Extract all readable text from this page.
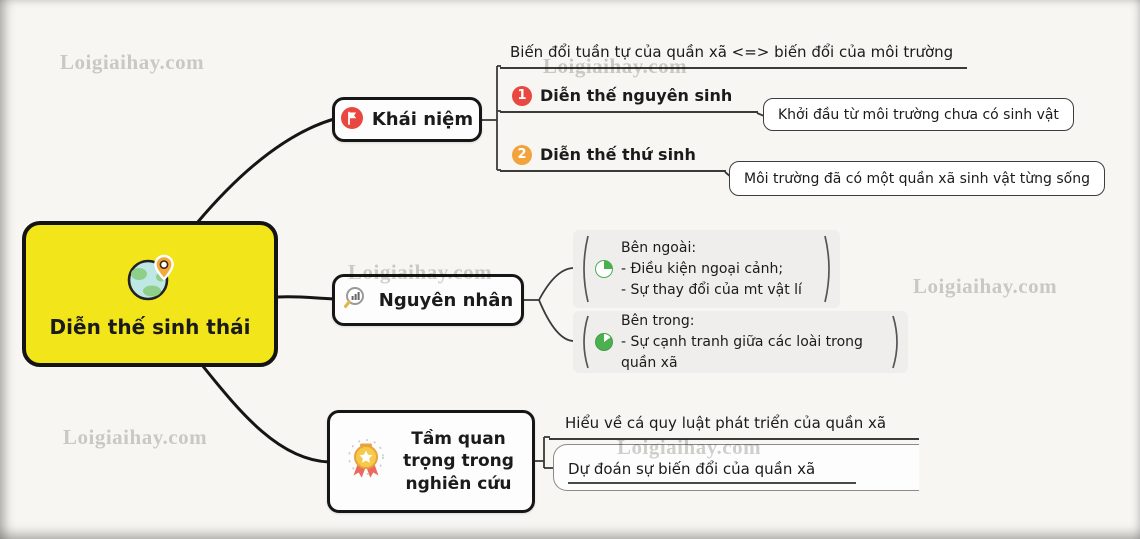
Loigiaihay.com	Loigiaihay.com
Loigiaihay.com
Loigiaihay.com
Loigiaihay.com	Loigiaihay.com
Diễn thế sinh thái
Khái niệm
Biến đổi tuần tự của quần xã <=> biến đổi của môi trường
1 Diễn thế nguyên sinh
Khởi đầu từ môi trường chưa có sinh vật
2 Diễn thế thứ sinh
Môi trường đã có một quần xã sinh vật từng sống
Nguyên nhân
Bên ngoài:
- Điều kiện ngoại cảnh;
- Sự thay đổi của mt vật lí
Bên trong:
- Sự cạnh tranh giữa các loài trong quần xã
Tầm quan trọng trong nghiên cứu
Hiểu về cá quy luật phát triển của quần xã
Dự đoán sự biến đổi của quần xã
